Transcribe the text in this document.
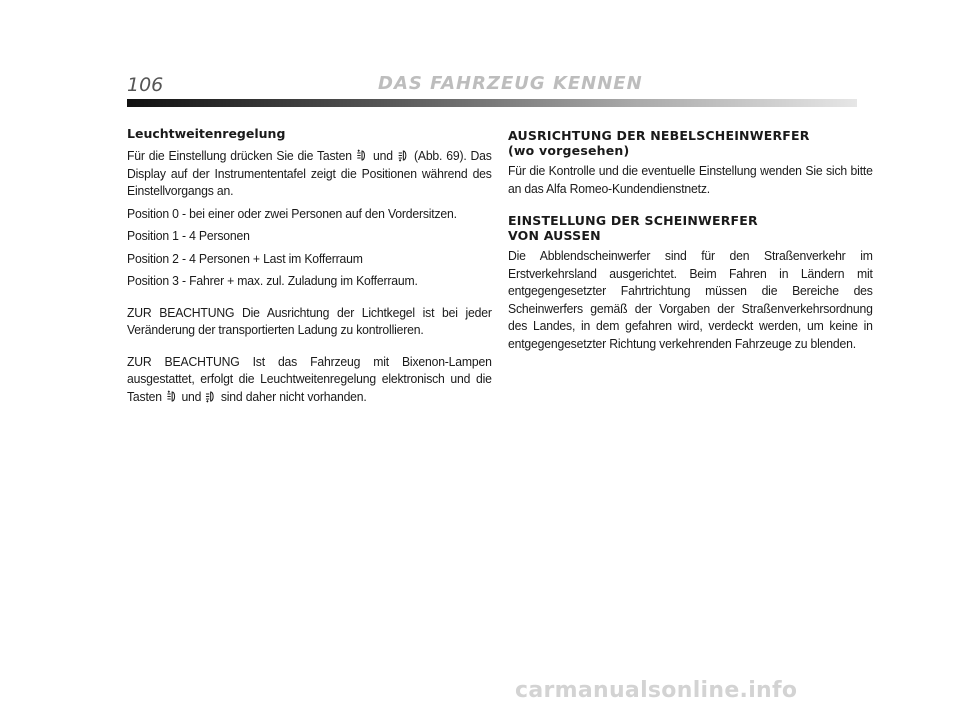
106	DAS FAHRZEUG KENNEN
Leuchtweitenregelung

Für die Einstellung drücken Sie die Tasten  und  (Abb. 69). Das Display auf der Instrumententafel zeigt die Positionen während des Einstellvorgangs an.

Position 0 - bei einer oder zwei Personen auf den Vordersitzen.

Position 1 - 4 Personen

Position 2 - 4 Personen + Last im Kofferraum

Position 3 - Fahrer + max. zul. Zuladung im Kofferraum.

ZUR BEACHTUNG Die Ausrichtung der Lichtkegel ist bei jeder Veränderung der transportierten Ladung zu kontrollieren.

ZUR BEACHTUNG Ist das Fahrzeug mit Bixenon-Lampen ausgestattet, erfolgt die Leuchtweitenregelung elektronisch und die Tasten  und  sind daher nicht vorhanden.

AUSRICHTUNG DER NEBELSCHEINWERFER
(wo vorgesehen)

Für die Kontrolle und die eventuelle Einstellung wenden Sie sich bitte an das Alfa Romeo-Kundendienstnetz.

EINSTELLUNG DER SCHEINWERFER
VON AUSSEN

Die Abblendscheinwerfer sind für den Straßenverkehr im Erstverkehrsland ausgerichtet. Beim Fahren in Ländern mit entgegengesetzter Fahrtrichtung müssen die Bereiche des Scheinwerfers gemäß der Vorgaben der Straßenverkehrsordnung des Landes, in dem gefahren wird, verdeckt werden, um keine in entgegengesetzter Richtung verkehrenden Fahrzeuge zu blenden.

carmanualsonline.info
